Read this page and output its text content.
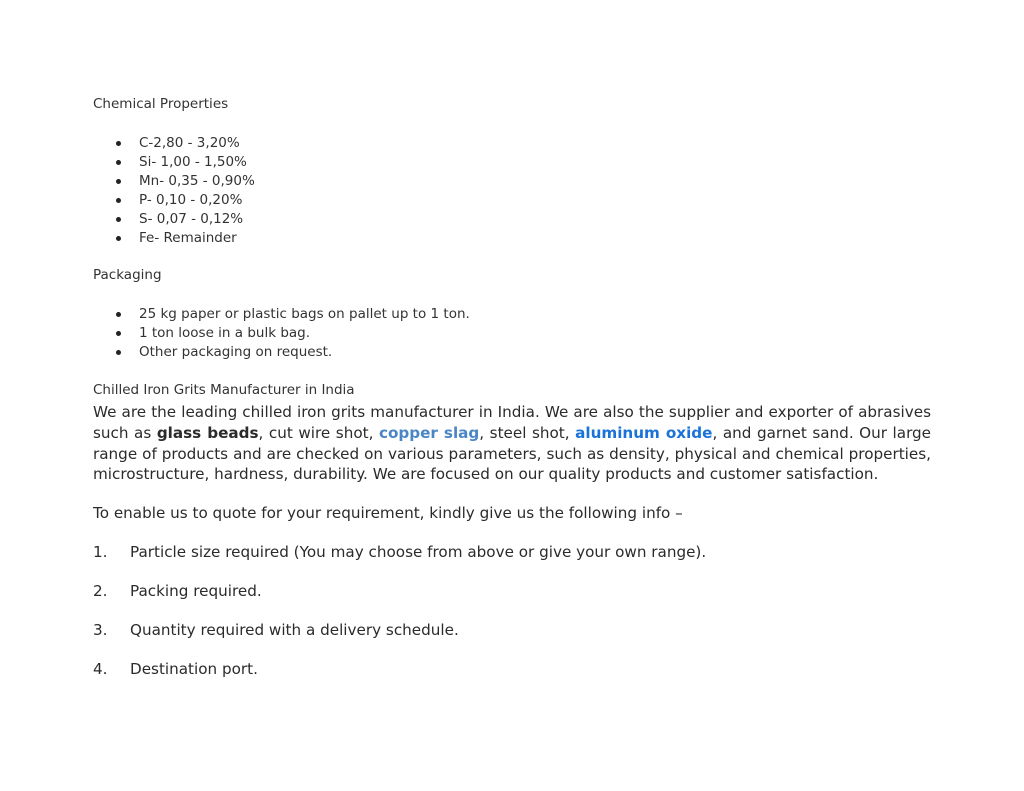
Chemical Properties

C-2,80 - 3,20%
Si- 1,00 - 1,50%
Mn- 0,35 - 0,90%
P- 0,10 - 0,20%
S- 0,07 - 0,12%
Fe- Remainder

Packaging

25 kg paper or plastic bags on pallet up to 1 ton.
1 ton loose in a bulk bag.
Other packaging on request.

Chilled Iron Grits Manufacturer in India

We are the leading chilled iron grits manufacturer in India. We are also the supplier and exporter of abrasives such as glass beads, cut wire shot, copper slag, steel shot, aluminum oxide, and garnet sand. Our large range of products and are checked on various parameters, such as density, physical and chemical properties, microstructure, hardness, durability. We are focused on our quality products and customer satisfaction.

To enable us to quote for your requirement, kindly give us the following info –

1. Particle size required (You may choose from above or give your own range).
2. Packing required.
3. Quantity required with a delivery schedule.
4. Destination port.
